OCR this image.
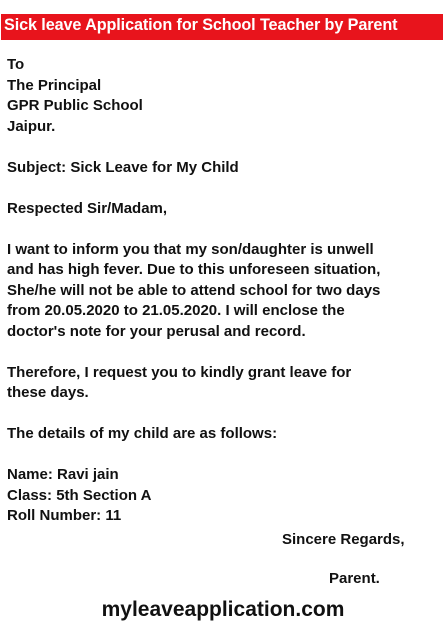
Sick leave Application for School Teacher by Parent
To
The Principal
GPR Public School
Jaipur.
Subject: Sick Leave for My Child
Respected Sir/Madam,
I want to inform you that my son/daughter is unwell
and has high fever. Due to this unforeseen situation,
She/he will not be able to attend school for two days
from 20.05.2020 to 21.05.2020. I will enclose the
doctor's note for your perusal and record.
Therefore, I request you to kindly grant leave for
these days.
The details of my child are as follows:
Name: Ravi jain
Class: 5th Section A
Roll Number: 11
Sincere Regards,
Parent.
myleaveapplication.com
